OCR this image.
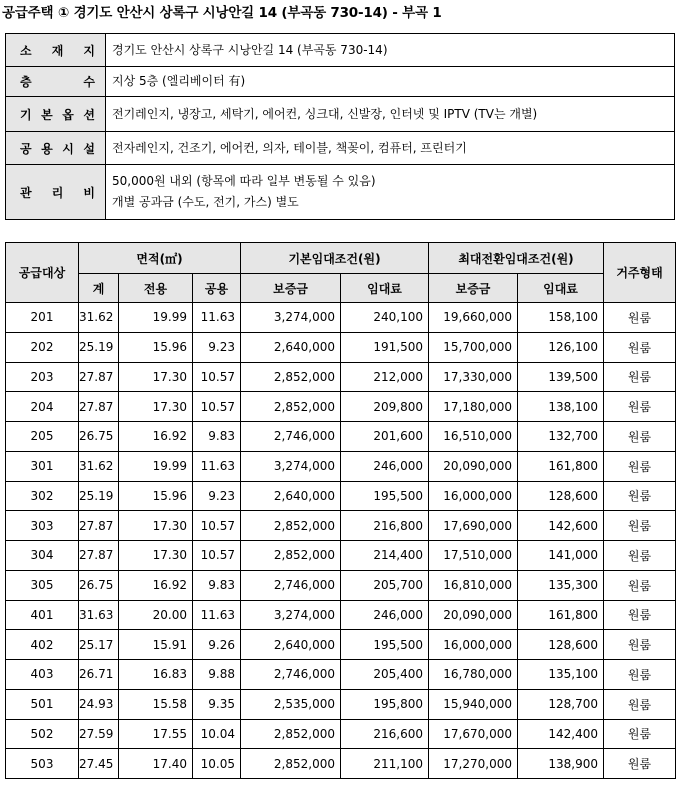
공급주택 ① 경기도 안산시 상록구 시낭안길 14 (부곡동 730-14) - 부곡 1
소 재 지	경기도 안산시 상록구 시낭안길 14 (부곡동 730-14)

층 수	지상 5층 (엘리베이터 有)

기 본 옵 션	전기레인지, 냉장고, 세탁기, 에어컨, 싱크대, 신발장, 인터넷 및 IPTV (TV는 개별)

공 용 시 설	전자레인지, 건조기, 에어컨, 의자, 테이블, 책꽂이, 컴퓨터, 프린터기

관 리 비	50,000원 내외 (항목에 따라 일부 변동될 수 있음)
개별 공과금 (수도, 전기, 가스) 별도
공급대상	면적(㎡)			기본임대조건(원)		최대전환임대조건(원)		거주형태
	계	전용	공용	보증금	임대료	보증금	임대료	
201	31.62	19.99	11.63	3,274,000	240,100	19,660,000	158,100	원룸
202	25.19	15.96	9.23	2,640,000	191,500	15,700,000	126,100	원룸
203	27.87	17.30	10.57	2,852,000	212,000	17,330,000	139,500	원룸
204	27.87	17.30	10.57	2,852,000	209,800	17,180,000	138,100	원룸
205	26.75	16.92	9.83	2,746,000	201,600	16,510,000	132,700	원룸
301	31.62	19.99	11.63	3,274,000	246,000	20,090,000	161,800	원룸
302	25.19	15.96	9.23	2,640,000	195,500	16,000,000	128,600	원룸
303	27.87	17.30	10.57	2,852,000	216,800	17,690,000	142,600	원룸
304	27.87	17.30	10.57	2,852,000	214,400	17,510,000	141,000	원룸
305	26.75	16.92	9.83	2,746,000	205,700	16,810,000	135,300	원룸
401	31.63	20.00	11.63	3,274,000	246,000	20,090,000	161,800	원룸
402	25.17	15.91	9.26	2,640,000	195,500	16,000,000	128,600	원룸
403	26.71	16.83	9.88	2,746,000	205,400	16,780,000	135,100	원룸
501	24.93	15.58	9.35	2,535,000	195,800	15,940,000	128,700	원룸
502	27.59	17.55	10.04	2,852,000	216,600	17,670,000	142,400	원룸
503	27.45	17.40	10.05	2,852,000	211,100	17,270,000	138,900	원룸
